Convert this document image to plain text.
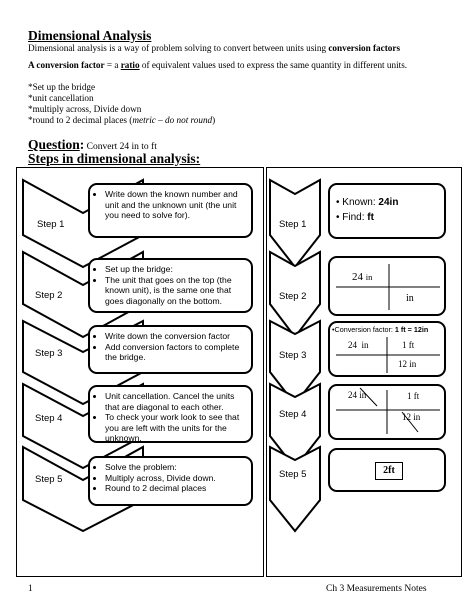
Dimensional Analysis
Dimensional analysis is a way of problem solving to convert between units using conversion factors
A conversion factor = a ratio of equivalent values used to express the same quantity in different units.
*Set up the bridge
*unit cancellation
*multiply across, Divide down
*round to 2 decimal places (metric – do not round)
Question: Convert 24 in to ft
Steps in dimensional analysis:
Step 1
Step 2
Step 3
Step 4
Step 5
• Write down the known number and unit and the unknown unit (the unit you need to solve for).
• Set up the bridge:
• The unit that goes on the top (the known unit), is the same one that goes diagonally on the bottom.
• Write down the conversion factor
• Add conversion factors to complete the bridge.
• Unit cancellation. Cancel the units that are diagonal to each other.
• To check your work look to see that you are left with the units for the unknown.
• Solve the problem:
• Multiply across, Divide down.
• Round to 2 decimal places
Step 1
Step 2
Step 3
Step 4
Step 5
• Known: 24in
• Find: ft
24 in
in
•Conversion factor: 1 ft = 12in
24  in	1 ft
12 in
24 in	1 ft
12 in
2ft
1	Ch 3 Measurements Notes
